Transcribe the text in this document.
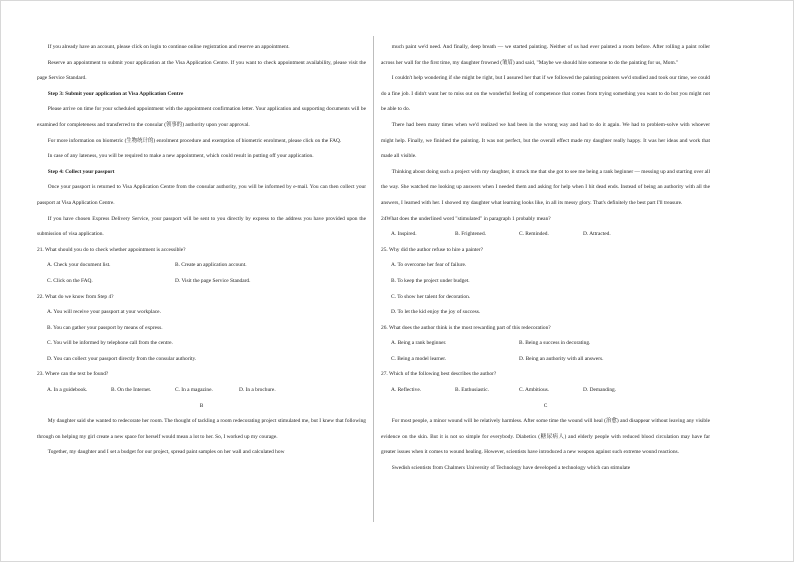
If you already have an account, please click on login to continue online registration and reserve an appointment.

Reserve an appointment to submit your application at the Visa Application Centre. If you want to check appointment availability, please visit the page Service Standard.

Step 3: Submit your application at Visa Application Centre

Please arrive on time for your scheduled appointment with the appointment confirmation letter. Your application and supporting documents will be examined for completeness and transferred to the consular (领事的) authority upon your approval.

For more information on biometric (生物统计的) enrolment procedure and exemption of biometric enrolment, please click on the FAQ.

In case of any lateness, you will be required to make a new appointment, which could result in putting off your application.

Step 4: Collect your passport

Once your passport is returned to Visa Application Centre from the consular authority, you will be informed by e-mail. You can then collect your passport at Visa Application Centre.

If you have chosen Express Delivery Service, your passport will be sent to you directly by express to the address you have provided upon the submission of visa application.

21. What should you do to check whether appointment is accessible?

A. Check your document list.	B. Create an application account.
C. Click on the FAQ.	D. Visit the page Service Standard.

22. What do we know from Step 4?

A. You will receive your passport at your workplace.

B. You can gather your passport by means of express.

C. You will be informed by telephone call from the centre.

D. You can collect your passport directly from the consular authority.

23. Where can the text be found?

A. In a guidebook.	B. On the Internet.	C. In a magazine.	D. In a brochure.

B

My daughter said she wanted to redecorate her room. The thought of tackling a room redecorating project stimulated me, but I knew that following through on helping my girl create a new space for herself would mean a lot to her. So, I worked up my courage.

Together, my daughter and I set a budget for our project, spread paint samples on her wall and calculated how

much paint we'd need. And finally, deep breath — we started painting. Neither of us had ever painted a room before. After rolling a paint roller across her wall for the first time, my daughter frowned (皱眉) and said, "Maybe we should hire someone to do the painting for us, Mom."

I couldn't help wondering if she might be right, but I assured her that if we followed the painting pointers we'd studied and took our time, we could do a fine job. I didn't want her to miss out on the wonderful feeling of competence that comes from trying something you want to do but you might not be able to do.

There had been many times when we'd realized we had been in the wrong way and had to do it again. We had to problem-solve with whoever might help. Finally, we finished the painting. It was not perfect, but the overall effect made my daughter really happy. It was her ideas and work that made all visible.

Thinking about doing such a project with my daughter, it struck me that she got to see me being a rank beginner — messing up and starting over all the way. She watched me looking up answers when I needed them and asking for help when I hit dead ends. Instead of being an authority with all the answers, I learned with her. I showed my daughter what learning looks like, in all its messy glory. That's definitely the best part I'll treasure.

24What does the underlined word "stimulated" in paragraph 1 probably mean?

A. Inspired.	B. Frightened.	C. Reminded.	D. Attracted.

25. Why did the author refuse to hire a painter?

A. To overcome her fear of failure.

B. To keep the project under budget.

C. To show her talent for decoration.

D. To let the kid enjoy the joy of success.

26. What does the author think is the most rewarding part of this redecoration?

A. Being a rank beginner.	B. Being a success in decorating.
C. Being a model learner.	D. Being an authority with all answers.

27. Which of the following best describes the author?

A. Reflective.	B. Enthusiastic.	C. Ambitious.	D. Demanding.

C

For most people, a minor wound will be relatively harmless. After some time the wound will heal (治愈) and disappear without leaving any visible evidence on the skin. But it is not so simple for everybody. Diabetics (糖尿病人) and elderly people with reduced blood circulation may have far greater issues when it comes to wound healing. However, scientists have introduced a new weapon against such extreme wound reactions.

Swedish scientists from Chalmers University of Technology have developed a technology which can stimulate
